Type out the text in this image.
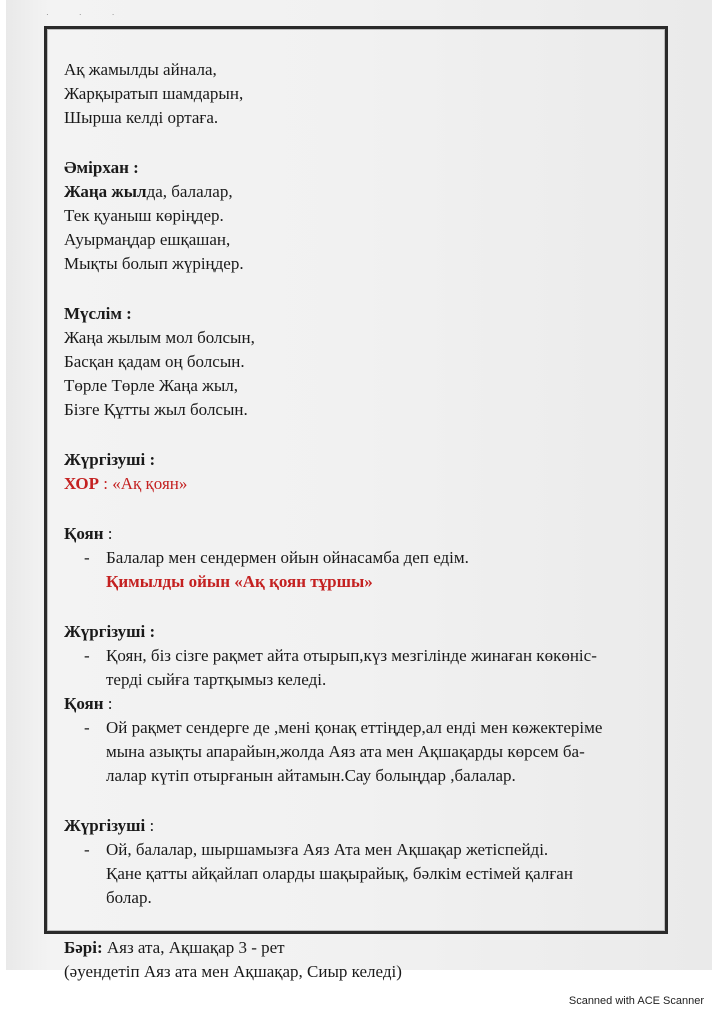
· · ·
Ақ жамылды айнала,
Жарқыратып шамдарын,
Шырша келді ортаға.
Әмірхан :
Жаңа жылда, балалар,
Тек қуаныш көріңдер.
Ауырмаңдар ешқашан,
Мықты болып жүріңдер.
Мүслім :
Жаңа жылым мол болсын,
Басқан қадам оң болсын.
Төрле Төрле Жаңа жыл,
Бізге Құтты жыл болсын.
Жүргізуші :
ХОР : «Ақ қоян»
Қоян :
- Балалар мен сендермен ойын ойнасамба деп едім.
Қимылды ойын «Ақ қоян тұршы»
Жүргізуші :
- Қоян, біз сізге рақмет айта отырып,күз мезгілінде жинаған көкөніс-
терді сыйға тартқымыз келеді.
Қоян :
- Ой рақмет сендерге де ,мені қонақ еттіңдер,ал енді мен көжектеріме
мына азықты апарайын,жолда Аяз ата мен Ақшақарды көрсем ба-
лалар күтіп отырғанын айтамын.Сау болыңдар ,балалар.
Жүргізуші :
- Ой, балалар, шыршамызға Аяз Ата мен Ақшақар жетіспейді.
Қане қатты айқайлап оларды шақырайық, бәлкім естімей қалған
болар.
Бәрі: Аяз ата, Ақшақар 3 - рет
(әуендетіп Аяз ата мен Ақшақар, Сиыр келеді)
Scanned with ACE Scanner
